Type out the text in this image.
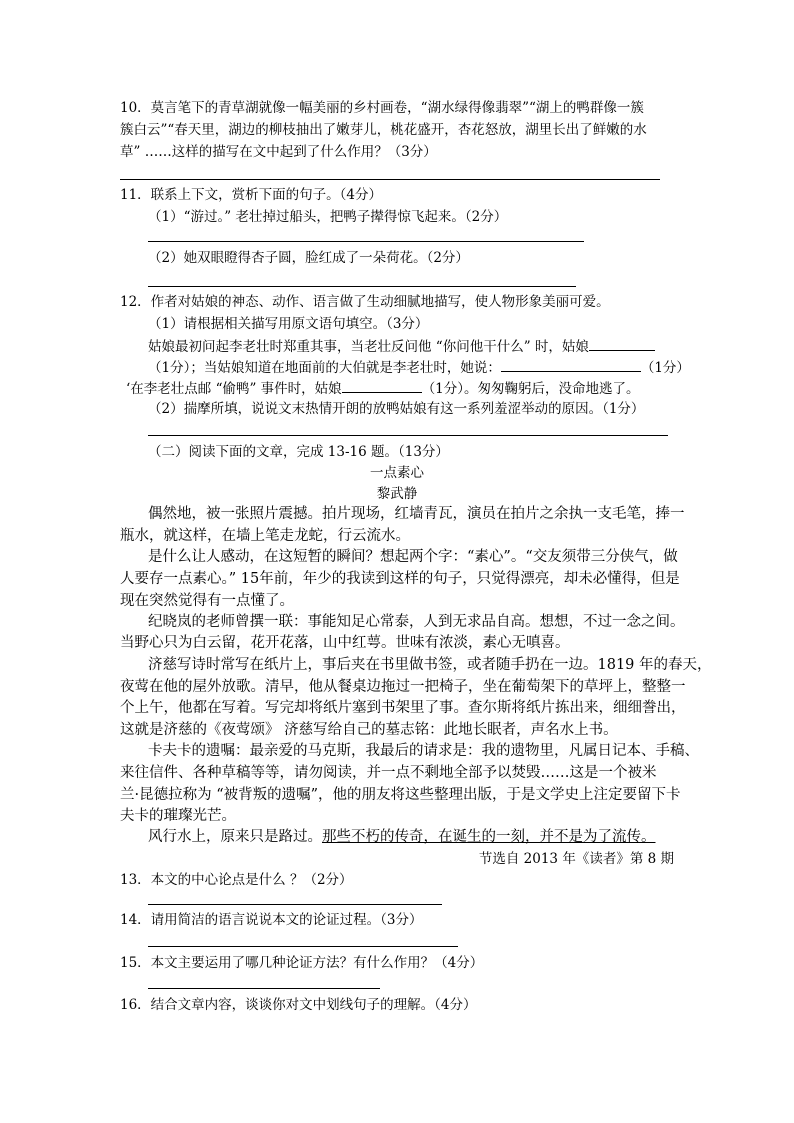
10．莫言笔下的青草湖就像一幅美丽的乡村画卷，“湖水绿得像翡翠”“湖上的鸭群像一簇
簇白云”“春天里，湖边的柳枝抽出了嫩芽儿，桃花盛开，杏花怒放，湖里长出了鲜嫩的水
草” ……这样的描写在文中起到了什么作用？（3分）
11．联系上下文，赏析下面的句子。（4分）
（1）“游过。” 老壮掉过船头，把鸭子撵得惊飞起来。（2分）
（2）她双眼瞪得杏子圆，脸红成了一朵荷花。（2分）
12．作者对姑娘的神态、动作、语言做了生动细腻地描写，使人物形象美丽可爱。
（1）请根据相关描写用原文语句填空。（3分）
姑娘最初问起李老壮时郑重其事，当老壮反问他 “你问他干什么” 时，姑娘
（1分）；当姑娘知道在地面前的大伯就是李老壮时，她说：	（1分）
‘在李老壮点邮 “偷鸭” 事件时，姑娘	（1分）。匆匆鞠躬后，没命地逃了。
（2）揣摩所填，说说文末热情开朗的放鸭姑娘有这一系列羞涩举动的原因。（1分）
（二）阅读下面的文章，完成 13-16 题。（13分）
一点素心
黎武静
偶然地，被一张照片震撼。拍片现场，红墙青瓦，演员在拍片之余执一支毛笔，捧一
瓶水，就这样，在墙上笔走龙蛇，行云流水。
是什么让人感动，在这短暂的瞬间？想起两个字：“素心”。“交友须带三分侠气，做
人要存一点素心。” 15年前，年少的我读到这样的句子，只觉得漂亮，却未必懂得，但是
现在突然觉得有一点懂了。
纪晓岚的老师曾撰一联：事能知足心常泰，人到无求品自高。想想，不过一念之间。
当野心只为白云留，花开花落，山中红萼。世味有浓淡，素心无嗔喜。
济慈写诗时常写在纸片上，事后夹在书里做书签，或者随手扔在一边。1819 年的春天，
夜莺在他的屋外放歌。清早，他从餐桌边拖过一把椅子，坐在葡萄架下的草坪上，整整一
个上午，他都在写着。写完却将纸片塞到书架里了事。查尔斯将纸片拣出来，细细誊出，
这就是济慈的《夜莺颂》 济慈写给自己的墓志铭：此地长眠者，声名水上书。
卡夫卡的遗嘱：最亲爱的马克斯，我最后的请求是：我的遗物里，凡属日记本、手稿、
来往信件、各种草稿等等，请勿阅读，并一点不剩地全部予以焚毁……这是一个被米
兰·昆德拉称为 “被背叛的遗嘱”，他的朋友将这些整理出版，于是文学史上注定要留下卡
夫卡的璀璨光芒。
风行水上，原来只是路过。那些不朽的传奇，在诞生的一刻，并不是为了流传。
节选自 2013 年《读者》第 8 期
13．本文的中心论点是什么 ？（2分）
14．请用简洁的语言说说本文的论证过程。（3分）
15．本文主要运用了哪几种论证方法？有什么作用？（4分）
16．结合文章内容，谈谈你对文中划线句子的理解。（4分）
